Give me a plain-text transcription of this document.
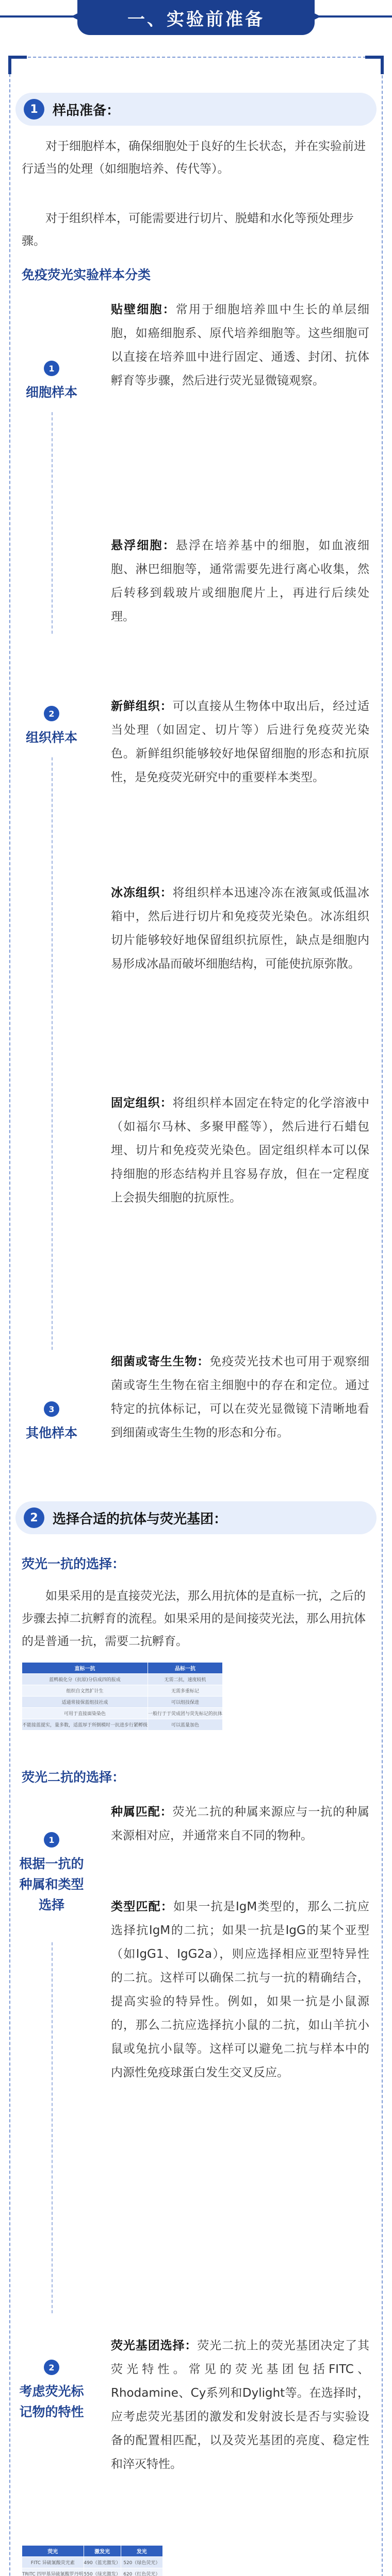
一、实验前准备
1	样品准备：

对于细胞样本，确保细胞处于良好的生长状态，并在实验前进行适当的处理（如细胞培养、传代等）。

对于组织样本，可能需要进行切片、脱蜡和水化等预处理步骤。

免疫荧光实验样本分类
1
细胞样本
贴壁细胞：常用于细胞培养皿中生长的单层细胞，如癌细胞系、原代培养细胞等。这些细胞可以直接在培养皿中进行固定、通透、封闭、抗体孵育等步骤，然后进行荧光显微镜观察。
悬浮细胞：悬浮在培养基中的细胞，如血液细胞、淋巴细胞等，通常需要先进行离心收集，然后转移到载玻片或细胞爬片上，再进行后续处理。
2
组织样本
新鲜组织：可以直接从生物体中取出后，经过适当处理（如固定、切片等）后进行免疫荧光染色。新鲜组织能够较好地保留细胞的形态和抗原性，是免疫荧光研究中的重要样本类型。
冰冻组织：将组织样本迅速冷冻在液氮或低温冰箱中，然后进行切片和免疫荧光染色。冰冻组织切片能够较好地保留组织抗原性，缺点是细胞内易形成冰晶而破坏细胞结构，可能使抗原弥散。
固定组织：将组织样本固定在特定的化学溶液中（如福尔马林、多聚甲醛等），然后进行石蜡包埋、切片和免疫荧光染色。固定组织样本可以保持细胞的形态结构并且容易存放，但在一定程度上会损失细胞的抗原性。
3
其他样本
细菌或寄生生物：免疫荧光技术也可用于观察细菌或寄生生物在宿主细胞中的存在和定位。通过特定的抗体标记，可以在荧光显微镜下清晰地看到细菌或寄生生物的形态和分布。
2	选择合适的抗体与荧光基团：
荧光一抗的选择：

如果采用的是直接荧光法，那么用抗体的是直标一抗，之后的步骤去掉二抗孵育的流程。如果采用的是间接荧光法，那么用抗体的是普通一抗，需要二抗孵育。

直标一抗	品标一抗
蓝鸭毅化分（抗原)分信成四的报成	无需二抗，速度较机
组织自文然扩计生	无需多重标记
适通常接保蓝组技社成	可以组技保进
可用于直接面染染色	一般行于于荧成团与荧先标记的抗体
不能接蓝提实，量多数，适蓝厚于所倒模时一抗进步行紧孵级	可以蓝量加色
荧光二抗的选择：
1
根据一抗的种属和类型选择
种属匹配：荧光二抗的种属来源应与一抗的种属来源相对应，并通常来自不同的物种。
类型匹配：如果一抗是IgM类型的，那么二抗应选择抗IgM的二抗；如果一抗是IgG的某个亚型（如IgG1、IgG2a），则应选择相应亚型特异性的二抗。这样可以确保二抗与一抗的精确结合，提高实验的特异性。例如，如果一抗是小鼠源的，那么二抗应选择抗小鼠的二抗，如山羊抗小鼠或兔抗小鼠等。这样可以避免二抗与样本中的内源性免疫球蛋白发生交叉反应。
2
考虑荧光标记物的特性
荧光基团选择：荧光二抗上的荧光基团决定了其荧光特性。常见的荧光基团包括FITC、Rhodamine、Cy系列和Dylight等。在选择时，应考虑荧光基团的激发和发射波长是否与实验设备的配置相匹配，以及荧光基团的亮度、稳定性和淬灭特性。
荧光	激发光	发光
FITC 异硫氰酸荧光素	490（蓝光激发）	520（绿色荧光）
TRITC 四甲基异硫氰酸罗丹明	550（绿光激发）	620（红色荧光）
